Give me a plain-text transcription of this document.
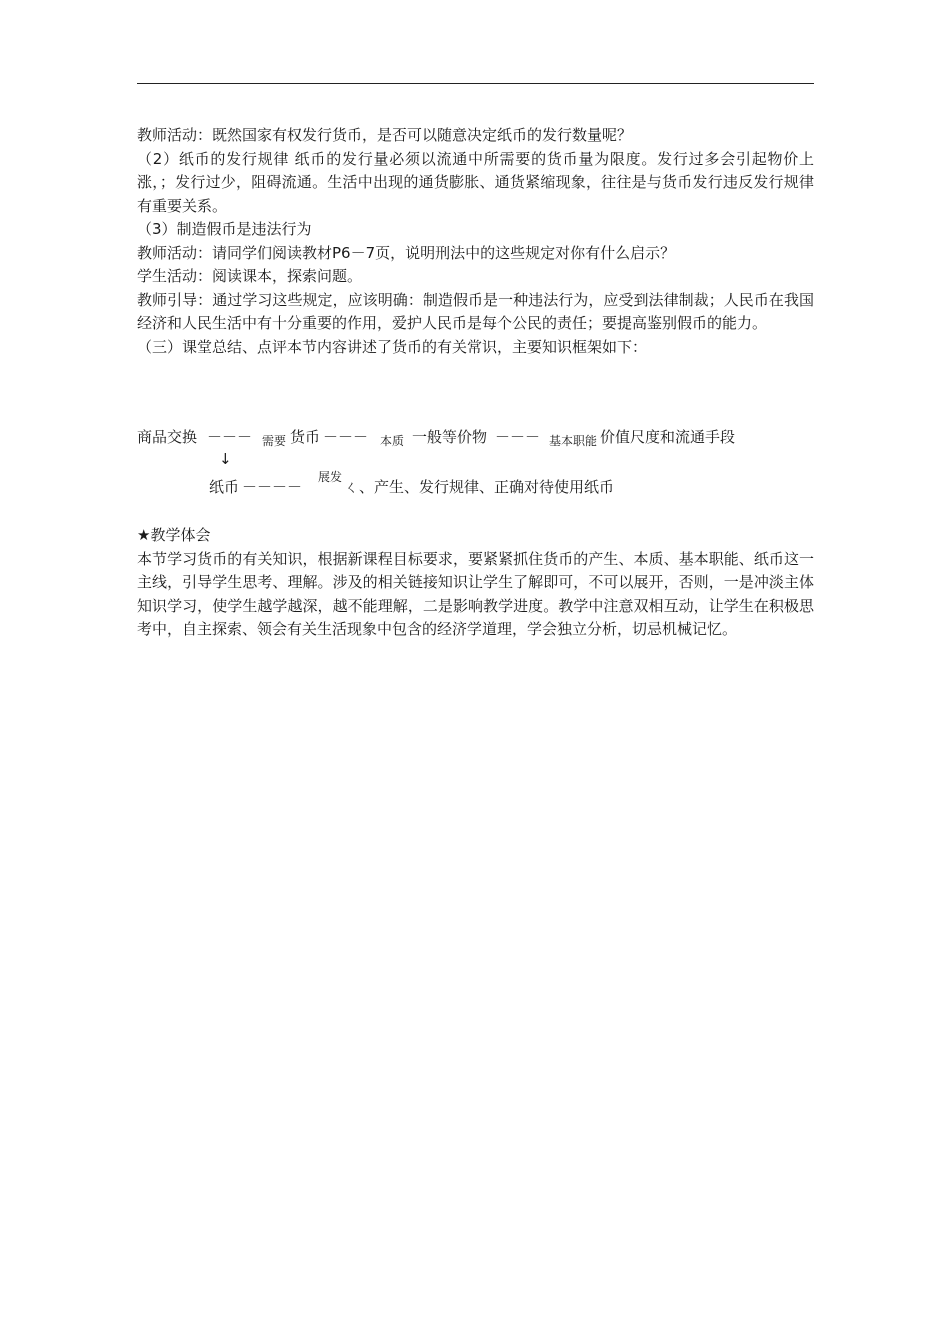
教师活动：既然国家有权发行货币，是否可以随意决定纸币的发行数量呢？

（2）纸币的发行规律 纸币的发行量必须以流通中所需要的货币量为限度。发行过多会引起物价上涨，；发行过少，阻碍流通。生活中出现的通货膨胀、通货紧缩现象，往往是与货币发行违反发行规律有重要关系。

（3）制造假币是违法行为

教师活动：请同学们阅读教材P6－7页，说明刑法中的这些规定对你有什么启示？

学生活动：阅读课本，探索问题。

教师引导：通过学习这些规定，应该明确：制造假币是一种违法行为，应受到法律制裁；人民币在我国经济和人民生活中有十分重要的作用，爱护人民币是每个公民的责任；要提高鉴别假币的能力。

（三）课堂总结、点评本节内容讲述了货币的有关常识，主要知识框架如下：

商品交换 －－－ 需要 货币 －－－ 本质 一般等价物 －－－ 基本职能 价值尺度和流通手段
↓
纸币 －－－－
展发
ㄑ、产生、发行规律、正确对待使用纸币

★教学体会

本节学习货币的有关知识，根据新课程目标要求，要紧紧抓住货币的产生、本质、基本职能、纸币这一主线，引导学生思考、理解。涉及的相关链接知识让学生了解即可，不可以展开，否则，一是冲淡主体知识学习，使学生越学越深，越不能理解，二是影响教学进度。教学中注意双相互动，让学生在积极思考中，自主探索、领会有关生活现象中包含的经济学道理，学会独立分析，切忌机械记忆。
